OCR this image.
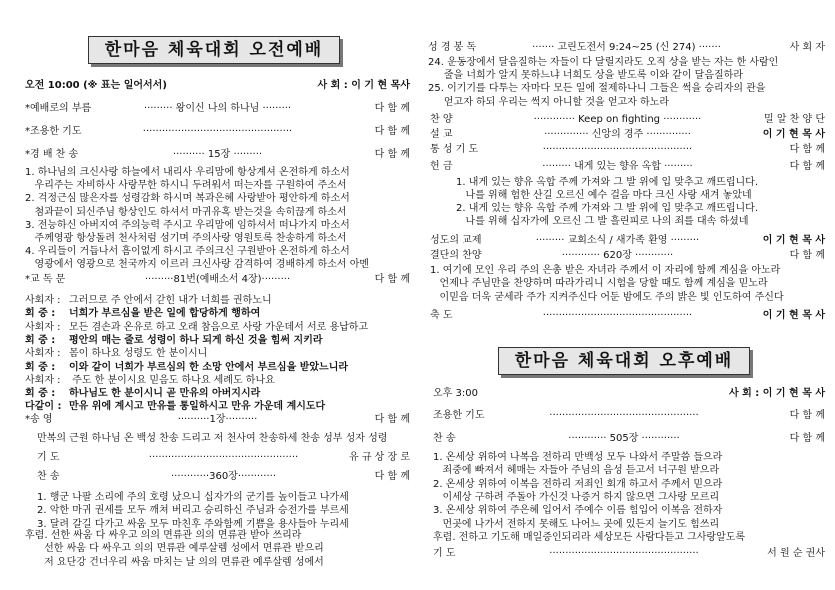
한마음 체육대회 오전예배
오전 10:00 (※ 표는 일어서서)	사 회 : 이 기 현 목사
*예배로의 부름	········· 왕이신 나의 하나님 ·········	다 함 께
*조용한 기도	···············································	다 함 께
*경 배 찬 송	·········· 15장 ·········	다 함 께
1. 하나님의 크신사랑 하늘에서 내리사 우리맘에 항상계셔 온전하게 하소서
우리주는 자비하사 사랑무한 하시니 두려워서 떠는자를 구원하여 주소서
2. 걱정근심 많은자를 성령감화 하시며 복과은혜 사랑받아 평안하게 하소서
첨과끝이 되신주님 항상인도 하셔서 마귀유혹 받는것을 속히끊게 하소서
3. 전능하신 아버지여 주의능력 주시고 우리맘에 임하셔서 떠나가지 마소서
주께영광 항상돌려 천사처럼 섬기며 주의사랑 영원토록 찬송하게 하소서
4. 우리들이 거듭나서 흠이없게 하시고 주의크신 구원받아 온전하게 하소서
영광에서 영광으로 천국까지 이르러 크신사랑 감격하여 경배하게 하소서 아멘
*교 독 문	·········81번(예배소서 4장)·········	다 함 께
사회자 : 그러므로 주 안에서 갇힌 내가 너희를 권하노니
회 중 : 너희가 부르심을 받은 일에 합당하게 행하여
사회자 : 모든 겸손과 온유로 하고 오래 참음으로 사랑 가운데서 서로 용납하고
회 중 : 평안의 매는 줄로 성령이 하나 되게 하신 것을 힘써 지키라
사회자 : 몸이 하나요 성령도 한 분이시니
회 중 : 이와 같이 너희가 부르심의 한 소망 안에서 부르심을 받았느니라
사회자 : 주도 한 분이시요 믿음도 하나요 세례도 하나요
회 중 : 하나님도 한 분이시니 곧 만유의 아버지시라
다같이 : 만유 위에 계시고 만유를 통일하시고 만유 가운데 계시도다
*송 영	··········1장··········	다 함 께
만복의 근원 하나님 온 백성 찬송 드리고 저 천사여 찬송하세 찬송 성부 성자 성령
기 도	···············································	유 규 상 장 로
찬 송	············360장············	다 함 께
1. 행군 나팔 소리에 주의 호령 났으니 십자가의 군기를 높이들고 나가세
2. 악한 마귀 권세를 모두 깨쳐 버리고 승리하신 주님과 승전가를 부르세
3. 달려 갈길 다가고 싸움 모두 마친후 주와함께 기쁨을 용사들아 누리세
후렴. 선한 싸움 다 싸우고 의의 면류관 의의 면류관 받아 쓰리라
선한 싸움 다 싸우고 의의 면류관 예루살렘 성에서 면류관 받으리
저 요단강 건너우리 싸움 마치는 날 의의 면류관 예루살렘 성에서
성 경 봉 독	······· 고린도전서 9:24~25 (신 274) ·······	사 회 자
24. 운동장에서 달음질하는 자들이 다 달릴지라도 오직 상을 받는 자는 한 사람인
줄을 너희가 알지 못하느냐 너희도 상을 받도록 이와 같이 달음질하라
25. 이기기를 다투는 자마다 모든 일에 절제하나니 그들은 썩을 승리자의 관을
얻고자 하되 우리는 썩지 아니할 것을 얻고자 하노라
찬 양	············· Keep on fighting ············	밀 알 찬 양 단
설 교	·············· 신앙의 경주 ··············	이 기 현 목 사
통 성 기 도	···············································	다 함 께
헌 금	········· 내게 있는 향유 옥합 ·········	다 함 께
1. 내게 있는 향유 옥합 주께 가져와 그 발 위에 입 맞추고 깨뜨립니다.
나를 위해 험한 산길 오르신 예수 걸음 마다 크신 사랑 새겨 놓았네
2. 내게 있는 향유 옥합 주께 가져와 그 발 위에 입 맞추고 깨뜨립니다.
나를 위해 십자가에 오르신 그 발 흘린피로 나의 죄를 대속 하셨네
성도의 교제	········· 교회소식 / 새가족 환영 ·········	이 기 현 목 사
결단의 찬양	············ 620장 ············	다 함 께
1. 여기에 모인 우리 주의 은총 받은 자녀라 주께서 이 자리에 함께 계심을 아노라
언제나 주님만을 찬양하며 따라가리니 시험을 당할 때도 함께 계심을 믿노라
이믿음 더욱 굳세라 주가 지켜주신다 어둔 밤에도 주의 밝은 빛 인도하여 주신다
축 도	···············································	이 기 현 목 사
한마음 체육대회 오후예배
오후 3:00	사 회 : 이 기 현 목 사
조용한 기도	···············································	다 함 께
찬 송	············ 505장 ············	다 함 께
1. 온세상 위하여 나복음 전하리 만백성 모두 나와서 주말씀 들으라
죄중에 빠져서 헤매는 자들아 주님의 음성 듣고서 너구원 받으라
2. 온세상 위하여 이복음 전하리 저죄인 회개 하고서 주께서 믿으라
이세상 구하려 주돌아 가신것 나증거 하지 않으면 그사랑 모르리
3. 온세상 위하여 주은혜 입어서 주예수 이름 힘입어 이복음 전하자
먼곳에 나가서 전하지 못해도 나어느 곳에 있든지 늘기도 힘쓰리
후렴. 전하고 기도해 매일증인되리라 세상모든 사람다듣고 그사랑알도록
기 도	···············································	서 원 순 권사
